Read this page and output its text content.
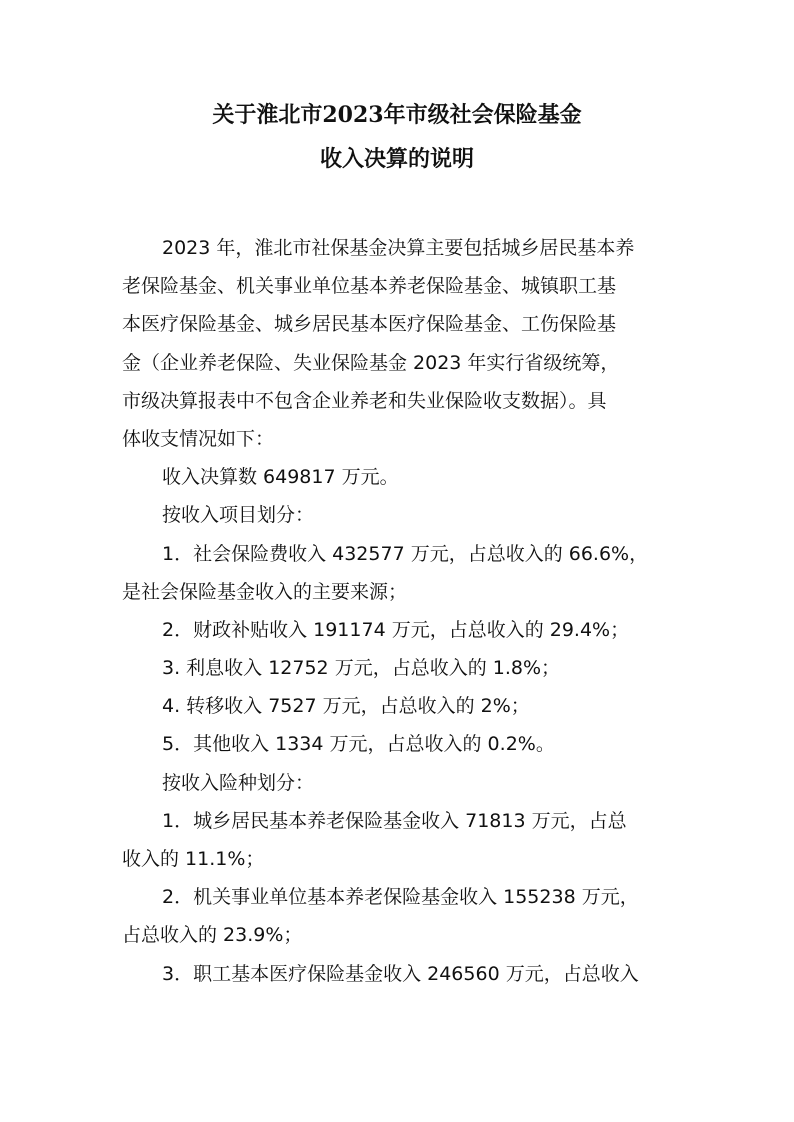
关于淮北市2023年市级社会保险基金
收入决算的说明
2023 年，淮北市社保基金决算主要包括城乡居民基本养
老保险基金、机关事业单位基本养老保险基金、城镇职工基
本医疗保险基金、城乡居民基本医疗保险基金、工伤保险基
金（企业养老保险、失业保险基金 2023 年实行省级统筹，
市级决算报表中不包含企业养老和失业保险收支数据）。具
体收支情况如下：
收入决算数 649817 万元。
按收入项目划分：
1．社会保险费收入 432577 万元，占总收入的 66.6%，
是社会保险基金收入的主要来源；
2．财政补贴收入 191174 万元，占总收入的 29.4%；
3. 利息收入 12752 万元，占总收入的 1.8%；
4. 转移收入 7527 万元，占总收入的 2%；
5．其他收入 1334 万元，占总收入的 0.2%。
按收入险种划分：
1．城乡居民基本养老保险基金收入 71813 万元，占总
收入的 11.1%；
2．机关事业单位基本养老保险基金收入 155238 万元，
占总收入的 23.9%；
3．职工基本医疗保险基金收入 246560 万元，占总收入
